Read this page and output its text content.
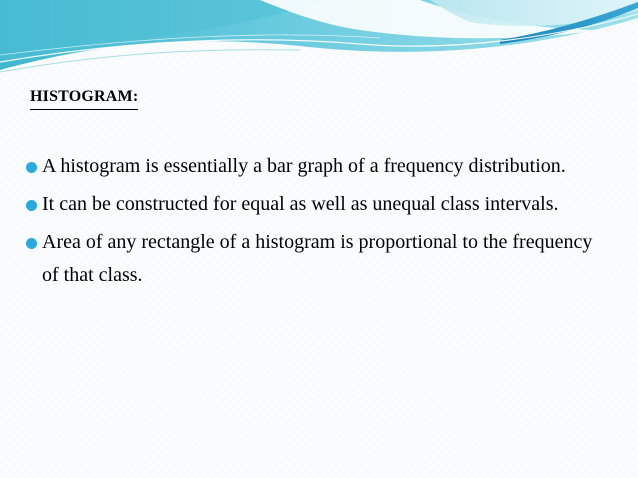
HISTOGRAM:
A histogram is essentially a bar graph of a frequency distribution.
It can be constructed for equal as well as unequal class intervals.
Area of any rectangle of a histogram is proportional to the frequency of that class.
